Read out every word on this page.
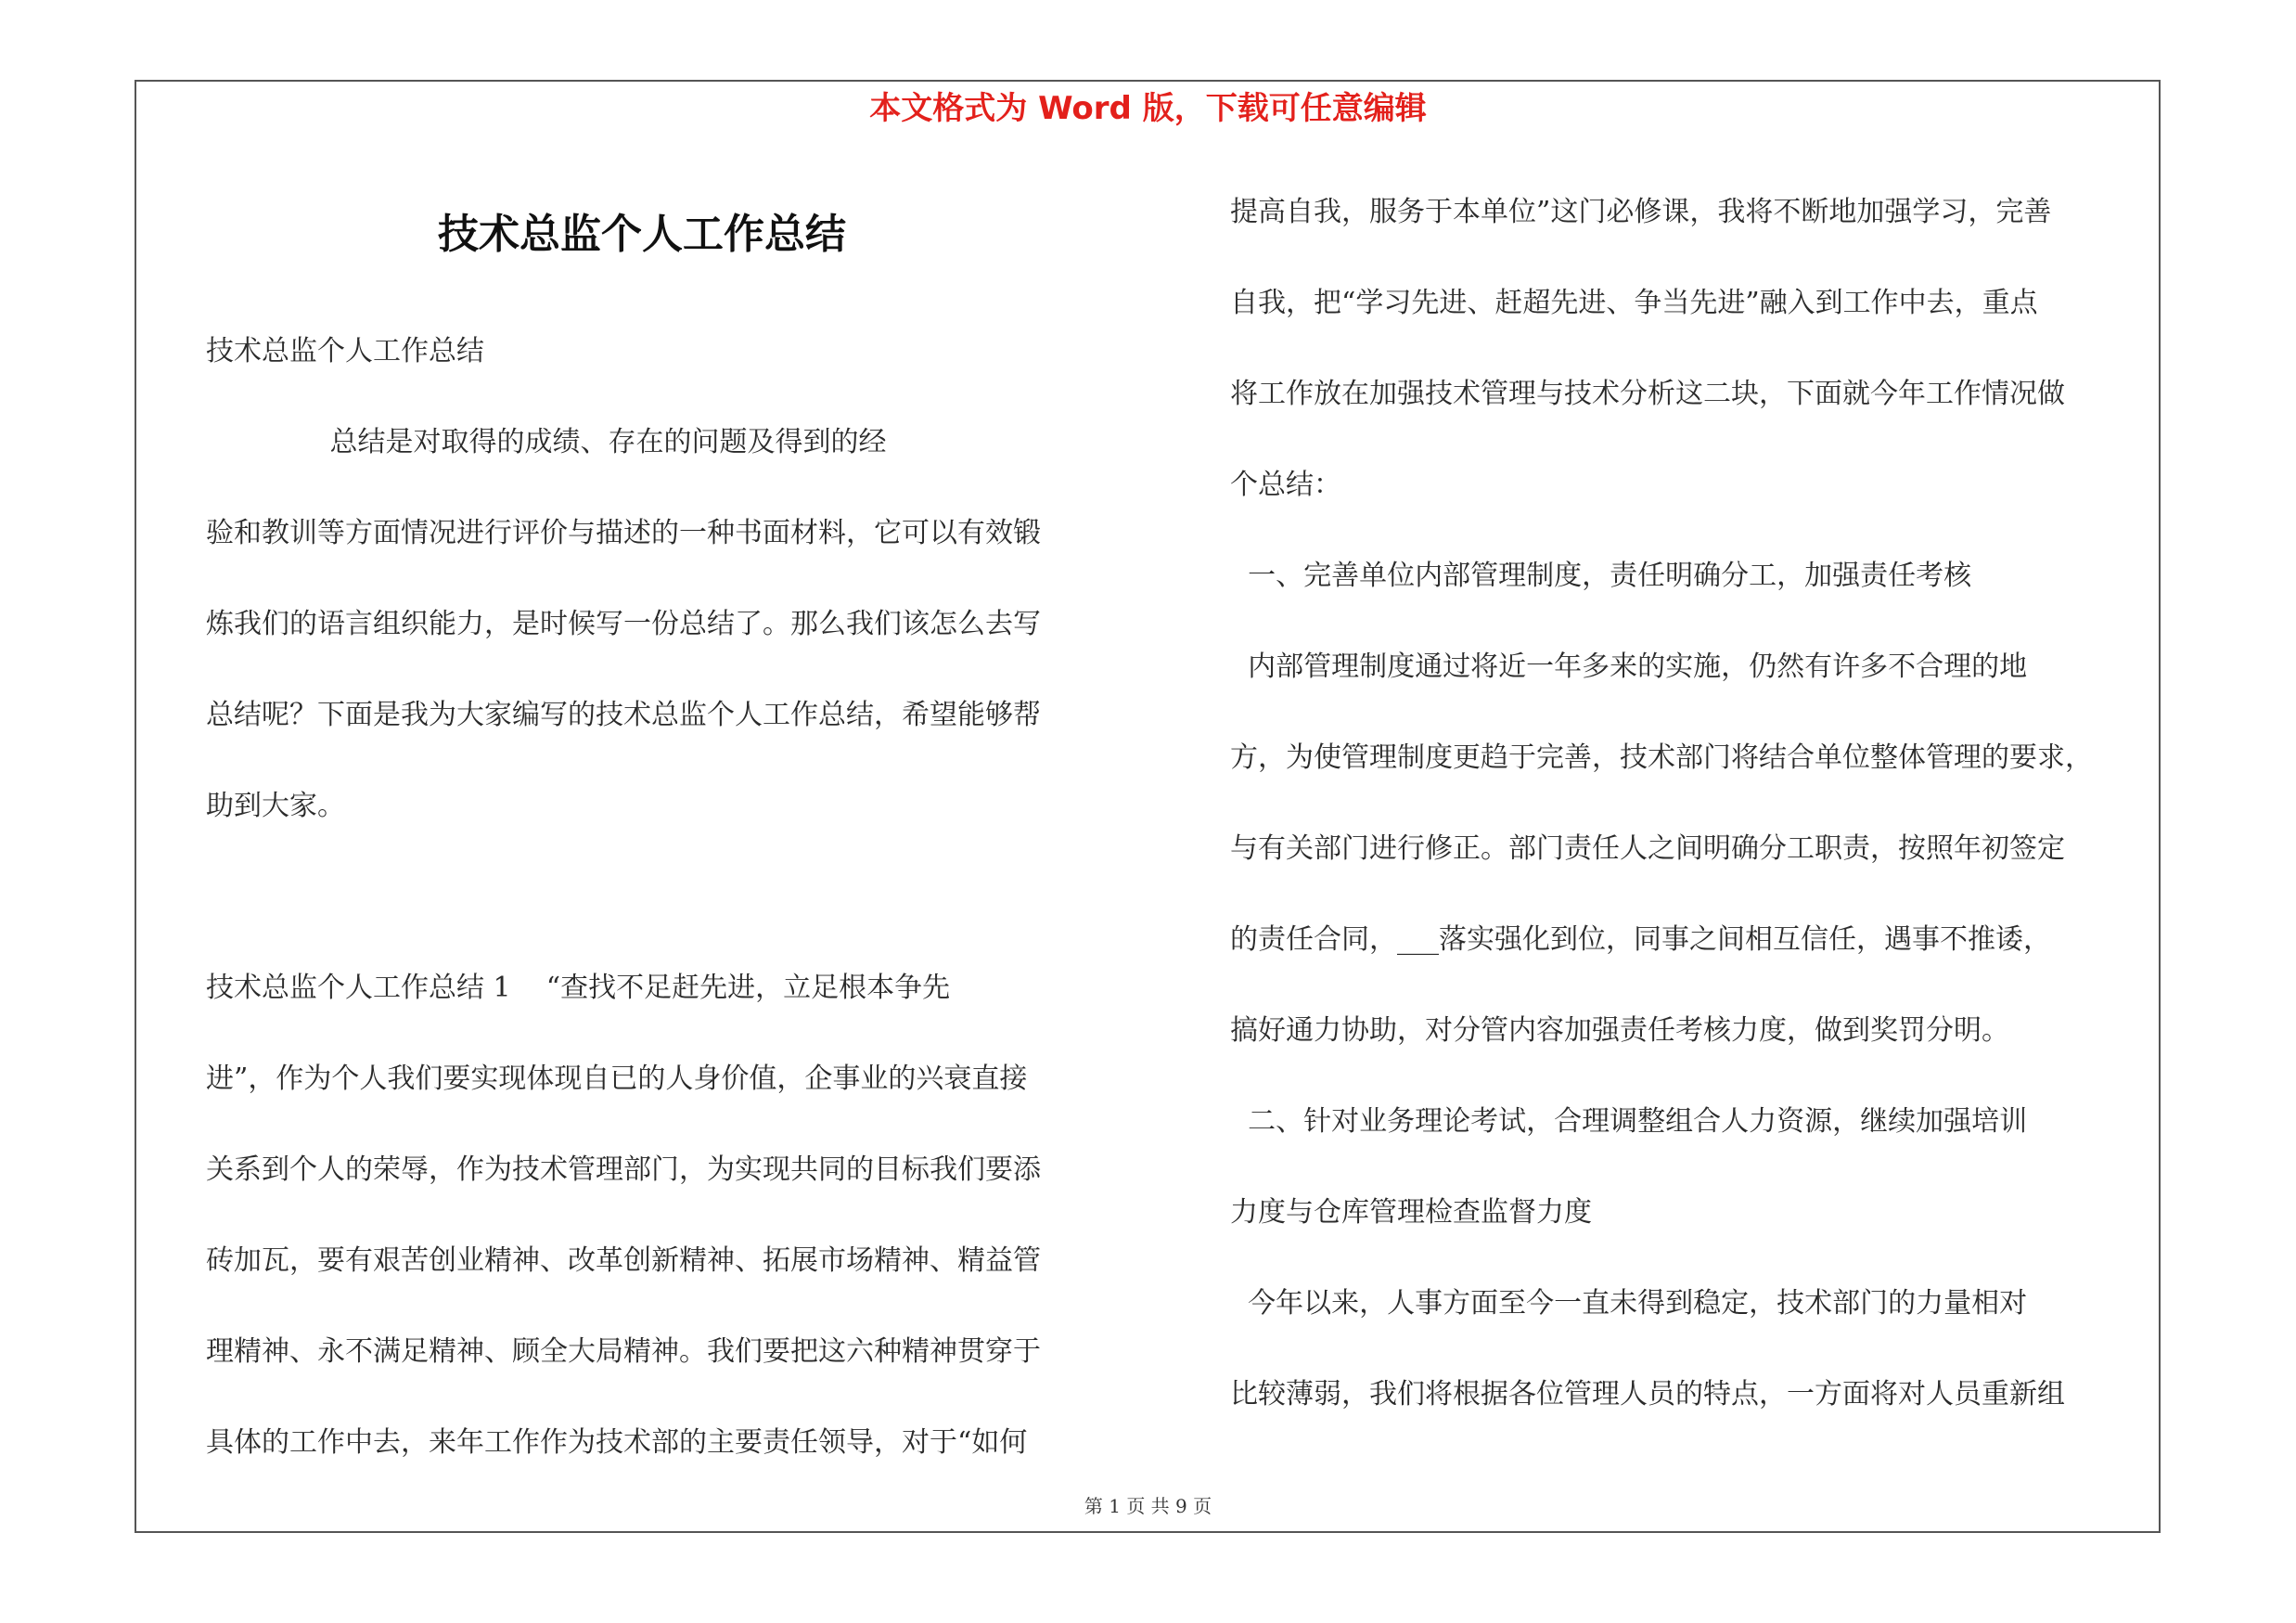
本文格式为 Word 版，下载可任意编辑
技术总监个人工作总结
技术总监个人工作总结
总结是对取得的成绩、存在的问题及得到的经
验和教训等方面情况进行评价与描述的一种书面材料，它可以有效锻
炼我们的语言组织能力，是时候写一份总结了。那么我们该怎么去写
总结呢？下面是我为大家编写的技术总监个人工作总结，希望能够帮
助到大家。
技术总监个人工作总结 1    “查找不足赶先进，立足根本争先
进”，作为个人我们要实现体现自已的人身价值，企事业的兴衰直接
关系到个人的荣辱，作为技术管理部门，为实现共同的目标我们要添
砖加瓦，要有艰苦创业精神、改革创新精神、拓展市场精神、精益管
理精神、永不满足精神、顾全大局精神。我们要把这六种精神贯穿于
具体的工作中去，来年工作作为技术部的主要责任领导，对于“如何
提高自我，服务于本单位”这门必修课，我将不断地加强学习，完善
自我，把“学习先进、赶超先进、争当先进”融入到工作中去，重点
将工作放在加强技术管理与技术分析这二块，下面就今年工作情况做
个总结：
一、完善单位内部管理制度，责任明确分工，加强责任考核
内部管理制度通过将近一年多来的实施，仍然有许多不合理的地
方，为使管理制度更趋于完善，技术部门将结合单位整体管理的要求，
与有关部门进行修正。部门责任人之间明确分工职责，按照年初签定
的责任合同，___落实强化到位，同事之间相互信任，遇事不推诿，
搞好通力协助，对分管内容加强责任考核力度，做到奖罚分明。
二、针对业务理论考试，合理调整组合人力资源，继续加强培训
力度与仓库管理检查监督力度
今年以来，人事方面至今一直未得到稳定，技术部门的力量相对
比较薄弱，我们将根据各位管理人员的特点，一方面将对人员重新组
第 1 页 共 9 页
